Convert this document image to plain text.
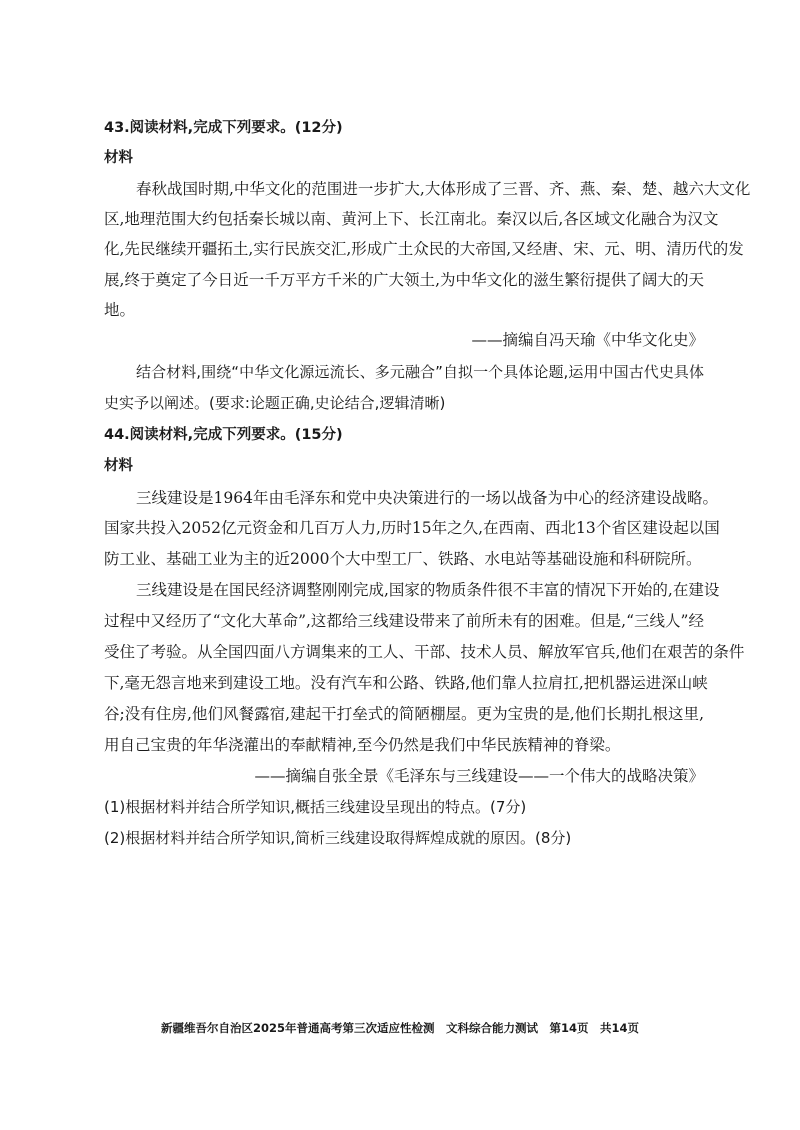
43.阅读材料,完成下列要求。(12分)
材料
春秋战国时期,中华文化的范围进一步扩大,大体形成了三晋、齐、燕、秦、楚、越六大文化
区,地理范围大约包括秦长城以南、黄河上下、长江南北。秦汉以后,各区域文化融合为汉文
化,先民继续开疆拓土,实行民族交汇,形成广土众民的大帝国,又经唐、宋、元、明、清历代的发
展,终于奠定了今日近一千万平方千米的广大领土,为中华文化的滋生繁衍提供了阔大的天
地。
——摘编自冯天瑜《中华文化史》
结合材料,围绕“中华文化源远流长、多元融合”自拟一个具体论题,运用中国古代史具体
史实予以阐述。(要求:论题正确,史论结合,逻辑清晰)
44.阅读材料,完成下列要求。(15分)
材料
三线建设是1964年由毛泽东和党中央决策进行的一场以战备为中心的经济建设战略。
国家共投入2052亿元资金和几百万人力,历时15年之久,在西南、西北13个省区建设起以国
防工业、基础工业为主的近2000个大中型工厂、铁路、水电站等基础设施和科研院所。
三线建设是在国民经济调整刚刚完成,国家的物质条件很不丰富的情况下开始的,在建设
过程中又经历了“文化大革命”,这都给三线建设带来了前所未有的困难。但是,“三线人”经
受住了考验。从全国四面八方调集来的工人、干部、技术人员、解放军官兵,他们在艰苦的条件
下,毫无怨言地来到建设工地。没有汽车和公路、铁路,他们靠人拉肩扛,把机器运进深山峡
谷;没有住房,他们风餐露宿,建起干打垒式的简陋棚屋。更为宝贵的是,他们长期扎根这里,
用自己宝贵的年华浇灌出的奉献精神,至今仍然是我们中华民族精神的脊梁。
——摘编自张全景《毛泽东与三线建设——一个伟大的战略决策》
(1)根据材料并结合所学知识,概括三线建设呈现出的特点。(7分)
(2)根据材料并结合所学知识,简析三线建设取得辉煌成就的原因。(8分)
新疆维吾尔自治区2025年普通高考第三次适应性检测　文科综合能力测试　第14页　共14页
